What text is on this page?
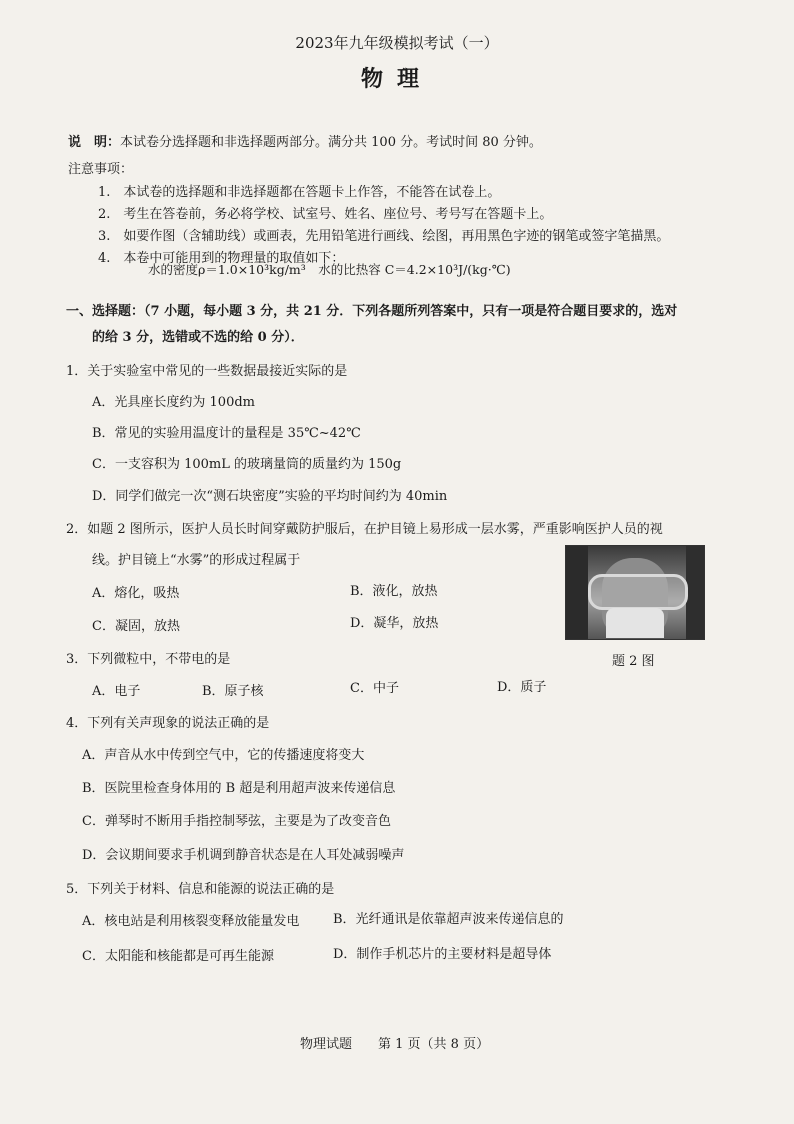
2023年九年级模拟考试（一）
物理
说　明：本试卷分选择题和非选择题两部分。满分共 100 分。考试时间 80 分钟。
注意事项：
1.　本试卷的选择题和非选择题都在答题卡上作答，不能答在试卷上。
2.　考生在答卷前，务必将学校、试室号、姓名、座位号、考号写在答题卡上。
3.　如要作图（含辅助线）或画表，先用铅笔进行画线、绘图，再用黑色字迹的钢笔或签字笔描黑。
4.　本卷中可能用到的物理量的取值如下：
水的密度ρ＝1.0×10³kg/m³　水的比热容 C＝4.2×10³J/(kg·℃)
一、选择题：（7 小题，每小题 3 分，共 21 分．下列各题所列答案中，只有一项是符合题目要求的，选对
的给 3 分，选错或不选的给 0 分）．
1．关于实验室中常见的一些数据最接近实际的是
A．光具座长度约为 100dm
B．常见的实验用温度计的量程是 35℃~42℃
C．一支容积为 100mL 的玻璃量筒的质量约为 150g
D．同学们做完一次“测石块密度”实验的平均时间约为 40min
2．如题 2 图所示，医护人员长时间穿戴防护服后，在护目镜上易形成一层水雾，严重影响医护人员的视
线。护目镜上“水雾”的形成过程属于
A．熔化，吸热	B．液化，放热
C．凝固，放热	D．凝华，放热
题 2 图
3．下列微粒中，不带电的是
A．电子	B．原子核	C．中子	D．质子
4．下列有关声现象的说法正确的是
A．声音从水中传到空气中，它的传播速度将变大
B．医院里检查身体用的 B 超是利用超声波来传递信息
C．弹琴时不断用手指控制琴弦，主要是为了改变音色
D．会议期间要求手机调到静音状态是在人耳处减弱噪声
5．下列关于材料、信息和能源的说法正确的是
A．核电站是利用核裂变释放能量发电	B．光纤通讯是依靠超声波来传递信息的
C．太阳能和核能都是可再生能源	D．制作手机芯片的主要材料是超导体
物理试题　　第 1 页（共 8 页）
